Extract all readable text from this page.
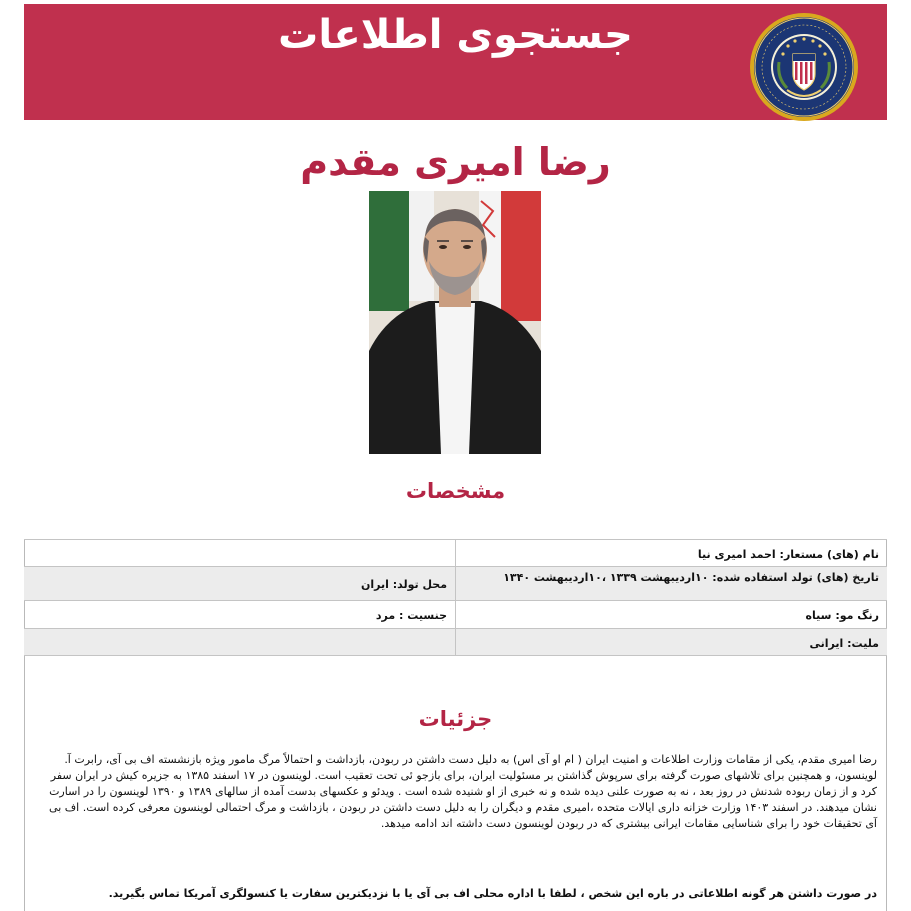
جستجوی اطلاعات
رضا امیری مقدم
مشخصات
نام (های) مستعار: احمد امیری نیا
تاریخ (های) تولد استفاده شده: ۱۰اردیبهشت ۱۳۳۹ ،۱۰اردیبهشت ۱۳۴۰
محل تولد: ایران
رنگ مو: سیاه
جنسیت : مرد
ملیت: ایرانی
جزئیات
رضا امیری مقدم، یکی از مقامات وزارت اطلاعات و امنیت ایران ( ام او آی اس) به دلیل دست داشتن در ربودن، بازداشت و احتمالاً مرگ مامور ویژه بازنشسته اف بی آی، رابرت آ. لوینسون، و همچنین برای تلاشهای صورت گرفته برای سرپوش گذاشتن بر مسئولیت ایران، برای بازجو ئی تحت تعقیب است. لوینسون در ۱۷ اسفند ۱۳۸۵ به جزیره کیش در ایران سفر کرد و از زمان ربوده شدنش در روز بعد ، نه به صورت علنی دیده شده و نه خبری از او شنیده شده است . ویدئو و عکسهای بدست آمده از سالهای ۱۳۸۹ و ۱۳۹۰ لوینسون را در اسارت نشان میدهند. در اسفند ۱۴۰۳ وزارت خزانه داری ایالات متحده ،امیری مقدم و دیگران را به دلیل دست داشتن در ربودن ، بازداشت و مرگ احتمالی لوینسون معرفی کرده است. اف بی آی تحقیقات خود را برای شناسایی مقامات ایرانی بیشتری که در ربودن لوینسون دست داشته اند ادامه میدهد.
در صورت داشتن هر گونه اطلاعاتی در باره این شخص ، لطفا با اداره محلی اف بی آی یا با نزدیکترین سفارت یا کنسولگری آمریکا تماس بگیرید.
